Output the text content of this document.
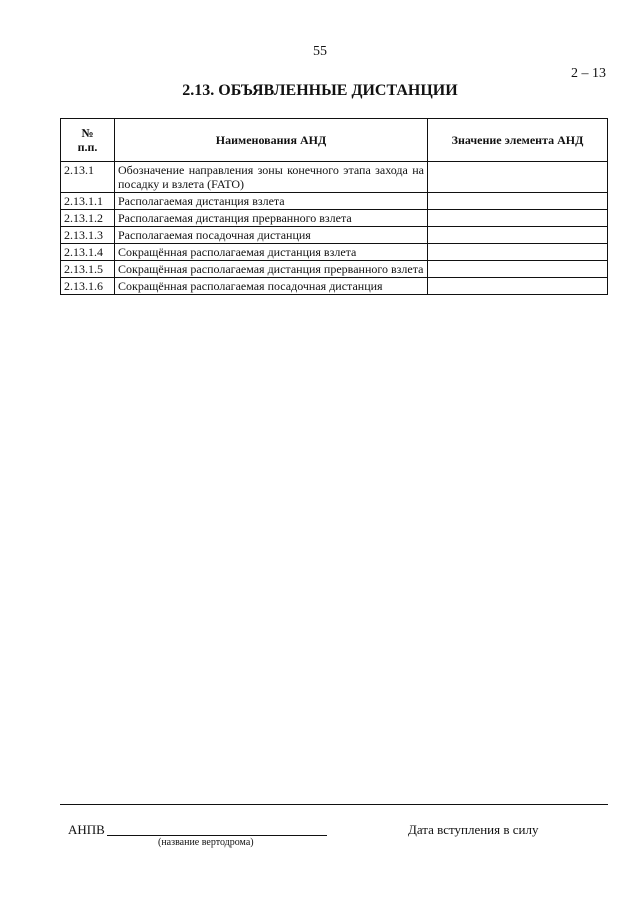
55
2 – 13
2.13. ОБЪЯВЛЕННЫЕ ДИСТАНЦИИ
№
п.п.	Наименования АНД	Значение элемента АНД
2.13.1	Обозначение направления зоны конечного этапа захода на посадку и взлета (FATO)	
2.13.1.1	Располагаемая дистанция взлета	
2.13.1.2	Располагаемая дистанция прерванного взлета	
2.13.1.3	Располагаемая посадочная дистанция	
2.13.1.4	Сокращённая располагаемая дистанция взлета	
2.13.1.5	Сокращённая располагаемая дистанция прерванного взлета	
2.13.1.6	Сокращённая располагаемая посадочная дистанция	
АНПВ
(название вертодрома)
Дата вступления в силу
